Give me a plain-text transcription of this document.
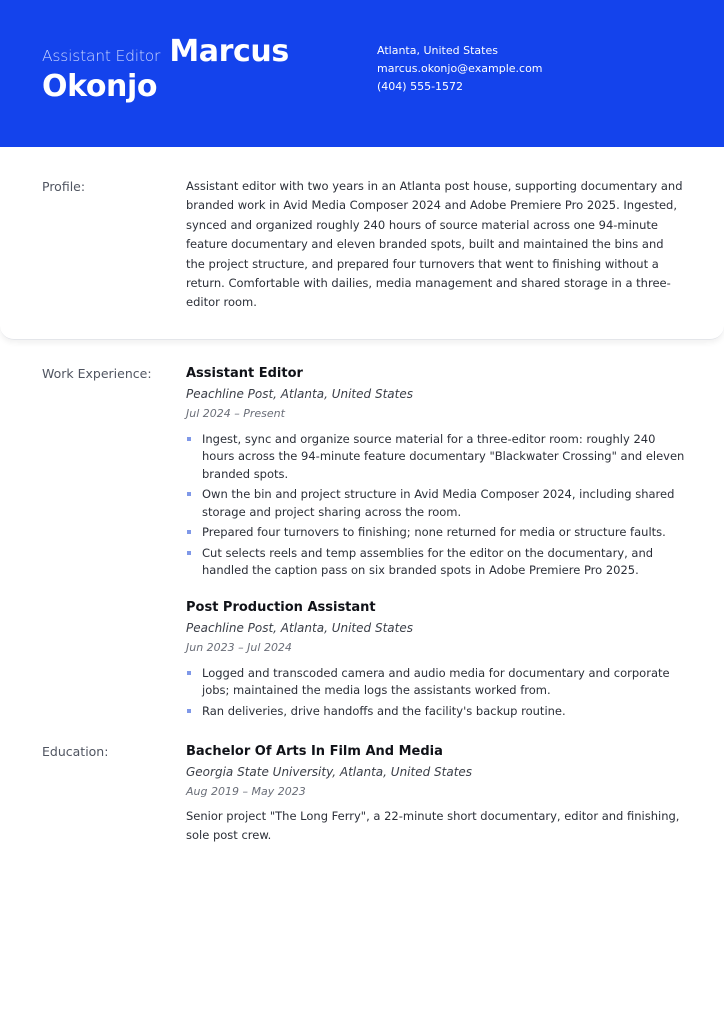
Assistant Editor Marcus
Okonjo
Atlanta, United States
marcus.okonjo@example.com
(404) 555-1572
Profile:	Assistant editor with two years in an Atlanta post house, supporting documentary and branded work in Avid Media Composer 2024 and Adobe Premiere Pro 2025. Ingested, synced and organized roughly 240 hours of source material across one 94-minute feature documentary and eleven branded spots, built and maintained the bins and the project structure, and prepared four turnovers that went to finishing without a return. Comfortable with dailies, media management and shared storage in a three-editor room.
Work Experience:	Assistant Editor
Peachline Post, Atlanta, United States
Jul 2024 – Present
Ingest, sync and organize source material for a three-editor room: roughly 240 hours across the 94-minute feature documentary "Blackwater Crossing" and eleven branded spots.
Own the bin and project structure in Avid Media Composer 2024, including shared storage and project sharing across the room.
Prepared four turnovers to finishing; none returned for media or structure faults.
Cut selects reels and temp assemblies for the editor on the documentary, and handled the caption pass on six branded spots in Adobe Premiere Pro 2025.
Post Production Assistant
Peachline Post, Atlanta, United States
Jun 2023 – Jul 2024
Logged and transcoded camera and audio media for documentary and corporate jobs; maintained the media logs the assistants worked from.
Ran deliveries, drive handoffs and the facility's backup routine.
Education:	Bachelor Of Arts In Film And Media
Georgia State University, Atlanta, United States
Aug 2019 – May 2023
Senior project "The Long Ferry", a 22-minute short documentary, editor and finishing, sole post crew.
